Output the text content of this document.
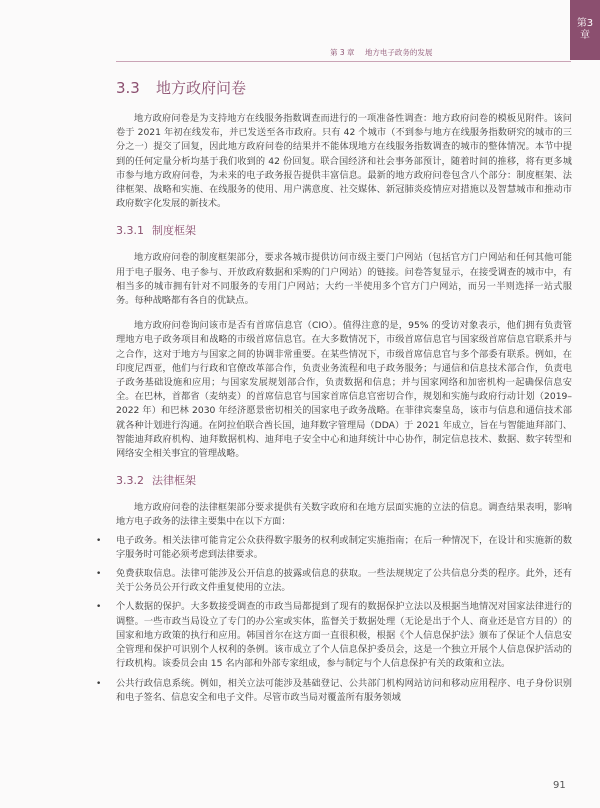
第3
章
第 3 章 地方电子政务的发展
3.3 地方政府问卷

地方政府问卷是为支持地方在线服务指数调查而进行的一项准备性调查：地方政府问卷的模板见附件。该问卷于 2021 年初在线发布，并已发送至各市政府。只有 42 个城市（不到参与地方在线服务指数研究的城市的三分之一）提交了回复，因此地方政府问卷的结果并不能体现地方在线服务指数调查的城市的整体情况。本节中提到的任何定量分析均基于我们收到的 42 份回复。联合国经济和社会事务部预计，随着时间的推移，将有更多城市参与地方政府问卷，为未来的电子政务报告提供丰富信息。最新的地方政府问卷包含八个部分：制度框架、法律框架、战略和实施、在线服务的使用、用户满意度、社交媒体、新冠肺炎疫情应对措施以及智慧城市和推动市政府数字化发展的新技术。

3.3.1 制度框架

地方政府问卷的制度框架部分，要求各城市提供访问市级主要门户网站（包括官方门户网站和任何其他可能用于电子服务、电子参与、开放政府数据和采购的门户网站）的链接。问卷答复显示，在接受调查的城市中，有相当多的城市拥有针对不同服务的专用门户网站；大约一半使用多个官方门户网站，而另一半则选择一站式服务。每种战略都有各自的优缺点。

地方政府问卷询问该市是否有首席信息官（CIO）。值得注意的是，95% 的受访对象表示，他们拥有负责管理地方电子政务项目和战略的市级首席信息官。在大多数情况下，市级首席信息官与国家级首席信息官联系并与之合作，这对于地方与国家之间的协调非常重要。在某些情况下，市级首席信息官与多个部委有联系。例如，在印度尼西亚，他们与行政和官僚改革部合作，负责业务流程和电子政务服务；与通信和信息技术部合作，负责电子政务基础设施和应用；与国家发展规划部合作，负责数据和信息；并与国家网络和加密机构一起确保信息安全。在巴林，首都省（麦纳麦）的首席信息官与国家首席信息官密切合作，规划和实施与政府行动计划（2019–2022 年）和巴林 2030 年经济愿景密切相关的国家电子政务战略。在菲律宾秦皇岛，该市与信息和通信技术部就各种计划进行沟通。在阿拉伯联合酋长国，迪拜数字管理局（DDA）于 2021 年成立，旨在与智能迪拜部门、智能迪拜政府机构、迪拜数据机构、迪拜电子安全中心和迪拜统计中心协作，制定信息技术、数据、数字转型和网络安全相关事宜的管理战略。

3.3.2 法律框架

地方政府问卷的法律框架部分要求提供有关数字政府和在地方层面实施的立法的信息。调查结果表明，影响地方电子政务的法律主要集中在以下方面：

• 电子政务。相关法律可能肯定公众获得数字服务的权利或制定实施指南；在后一种情况下，在设计和实施新的数字服务时可能必须考虑到法律要求。
• 免费获取信息。法律可能涉及公开信息的披露或信息的获取。一些法规规定了公共信息分类的程序。此外，还有关于公务员公开行政文件重复使用的立法。
• 个人数据的保护。大多数接受调查的市政当局都提到了现有的数据保护立法以及根据当地情况对国家法律进行的调整。一些市政当局设立了专门的办公室或实体，监督关于数据处理（无论是出于个人、商业还是官方目的）的国家和地方政策的执行和应用。韩国首尔在这方面一直很积极，根据《个人信息保护法》颁布了保证个人信息安全管理和保护可识别个人权利的条例。该市成立了个人信息保护委员会，这是一个独立开展个人信息保护活动的行政机构。该委员会由 15 名内部和外部专家组成，参与制定与个人信息保护有关的政策和立法。
• 公共行政信息系统。例如，相关立法可能涉及基础登记、公共部门机构网站访问和移动应用程序、电子身份识别和电子签名、信息安全和电子文件。尽管市政当局对覆盖所有服务领域
91
